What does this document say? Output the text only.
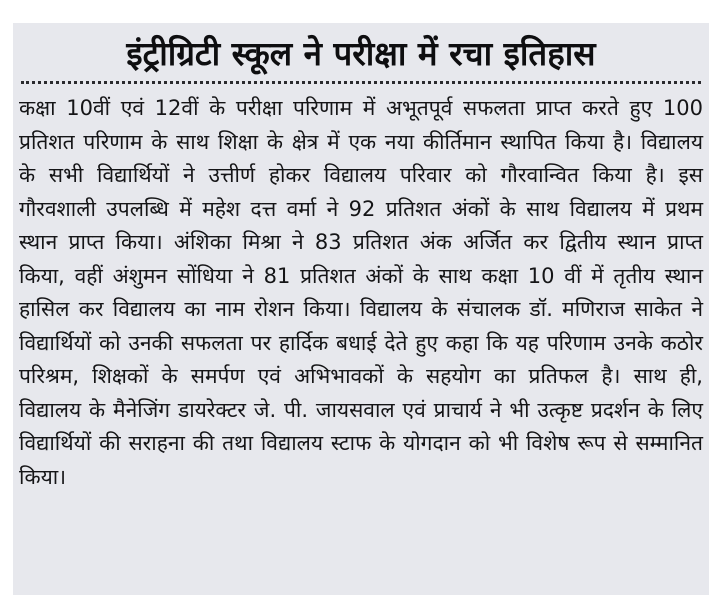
इंट्रीग्रिटी स्कूल ने परीक्षा में रचा इतिहास

कक्षा 10वीं एवं 12वीं के परीक्षा परिणाम में अभूतपूर्व सफलता प्राप्त करते हुए 100 प्रतिशत परिणाम के साथ शिक्षा के क्षेत्र में एक नया कीर्तिमान स्थापित किया है। विद्यालय के सभी विद्यार्थियों ने उत्तीर्ण होकर विद्यालय परिवार को गौरवान्वित किया है। इस गौरवशाली उपलब्धि में महेश दत्त वर्मा ने 92 प्रतिशत अंकों के साथ विद्यालय में प्रथम स्थान प्राप्त किया। अंशिका मिश्रा ने 83 प्रतिशत अंक अर्जित कर द्वितीय स्थान प्राप्त किया, वहीं अंशुमन सोंधिया ने 81 प्रतिशत अंकों के साथ कक्षा 10 वीं में तृतीय स्थान हासिल कर विद्यालय का नाम रोशन किया। विद्यालय के संचालक डॉ. मणिराज साकेत ने विद्यार्थियों को उनकी सफलता पर हार्दिक बधाई देते हुए कहा कि यह परिणाम उनके कठोर परिश्रम, शिक्षकों के समर्पण एवं अभिभावकों के सहयोग का प्रतिफल है। साथ ही, विद्यालय के मैनेजिंग डायरेक्टर जे. पी. जायसवाल एवं प्राचार्य ने भी उत्कृष्ट प्रदर्शन के लिए विद्यार्थियों की सराहना की तथा विद्यालय स्टाफ के योगदान को भी विशेष रूप से सम्मानित किया।
